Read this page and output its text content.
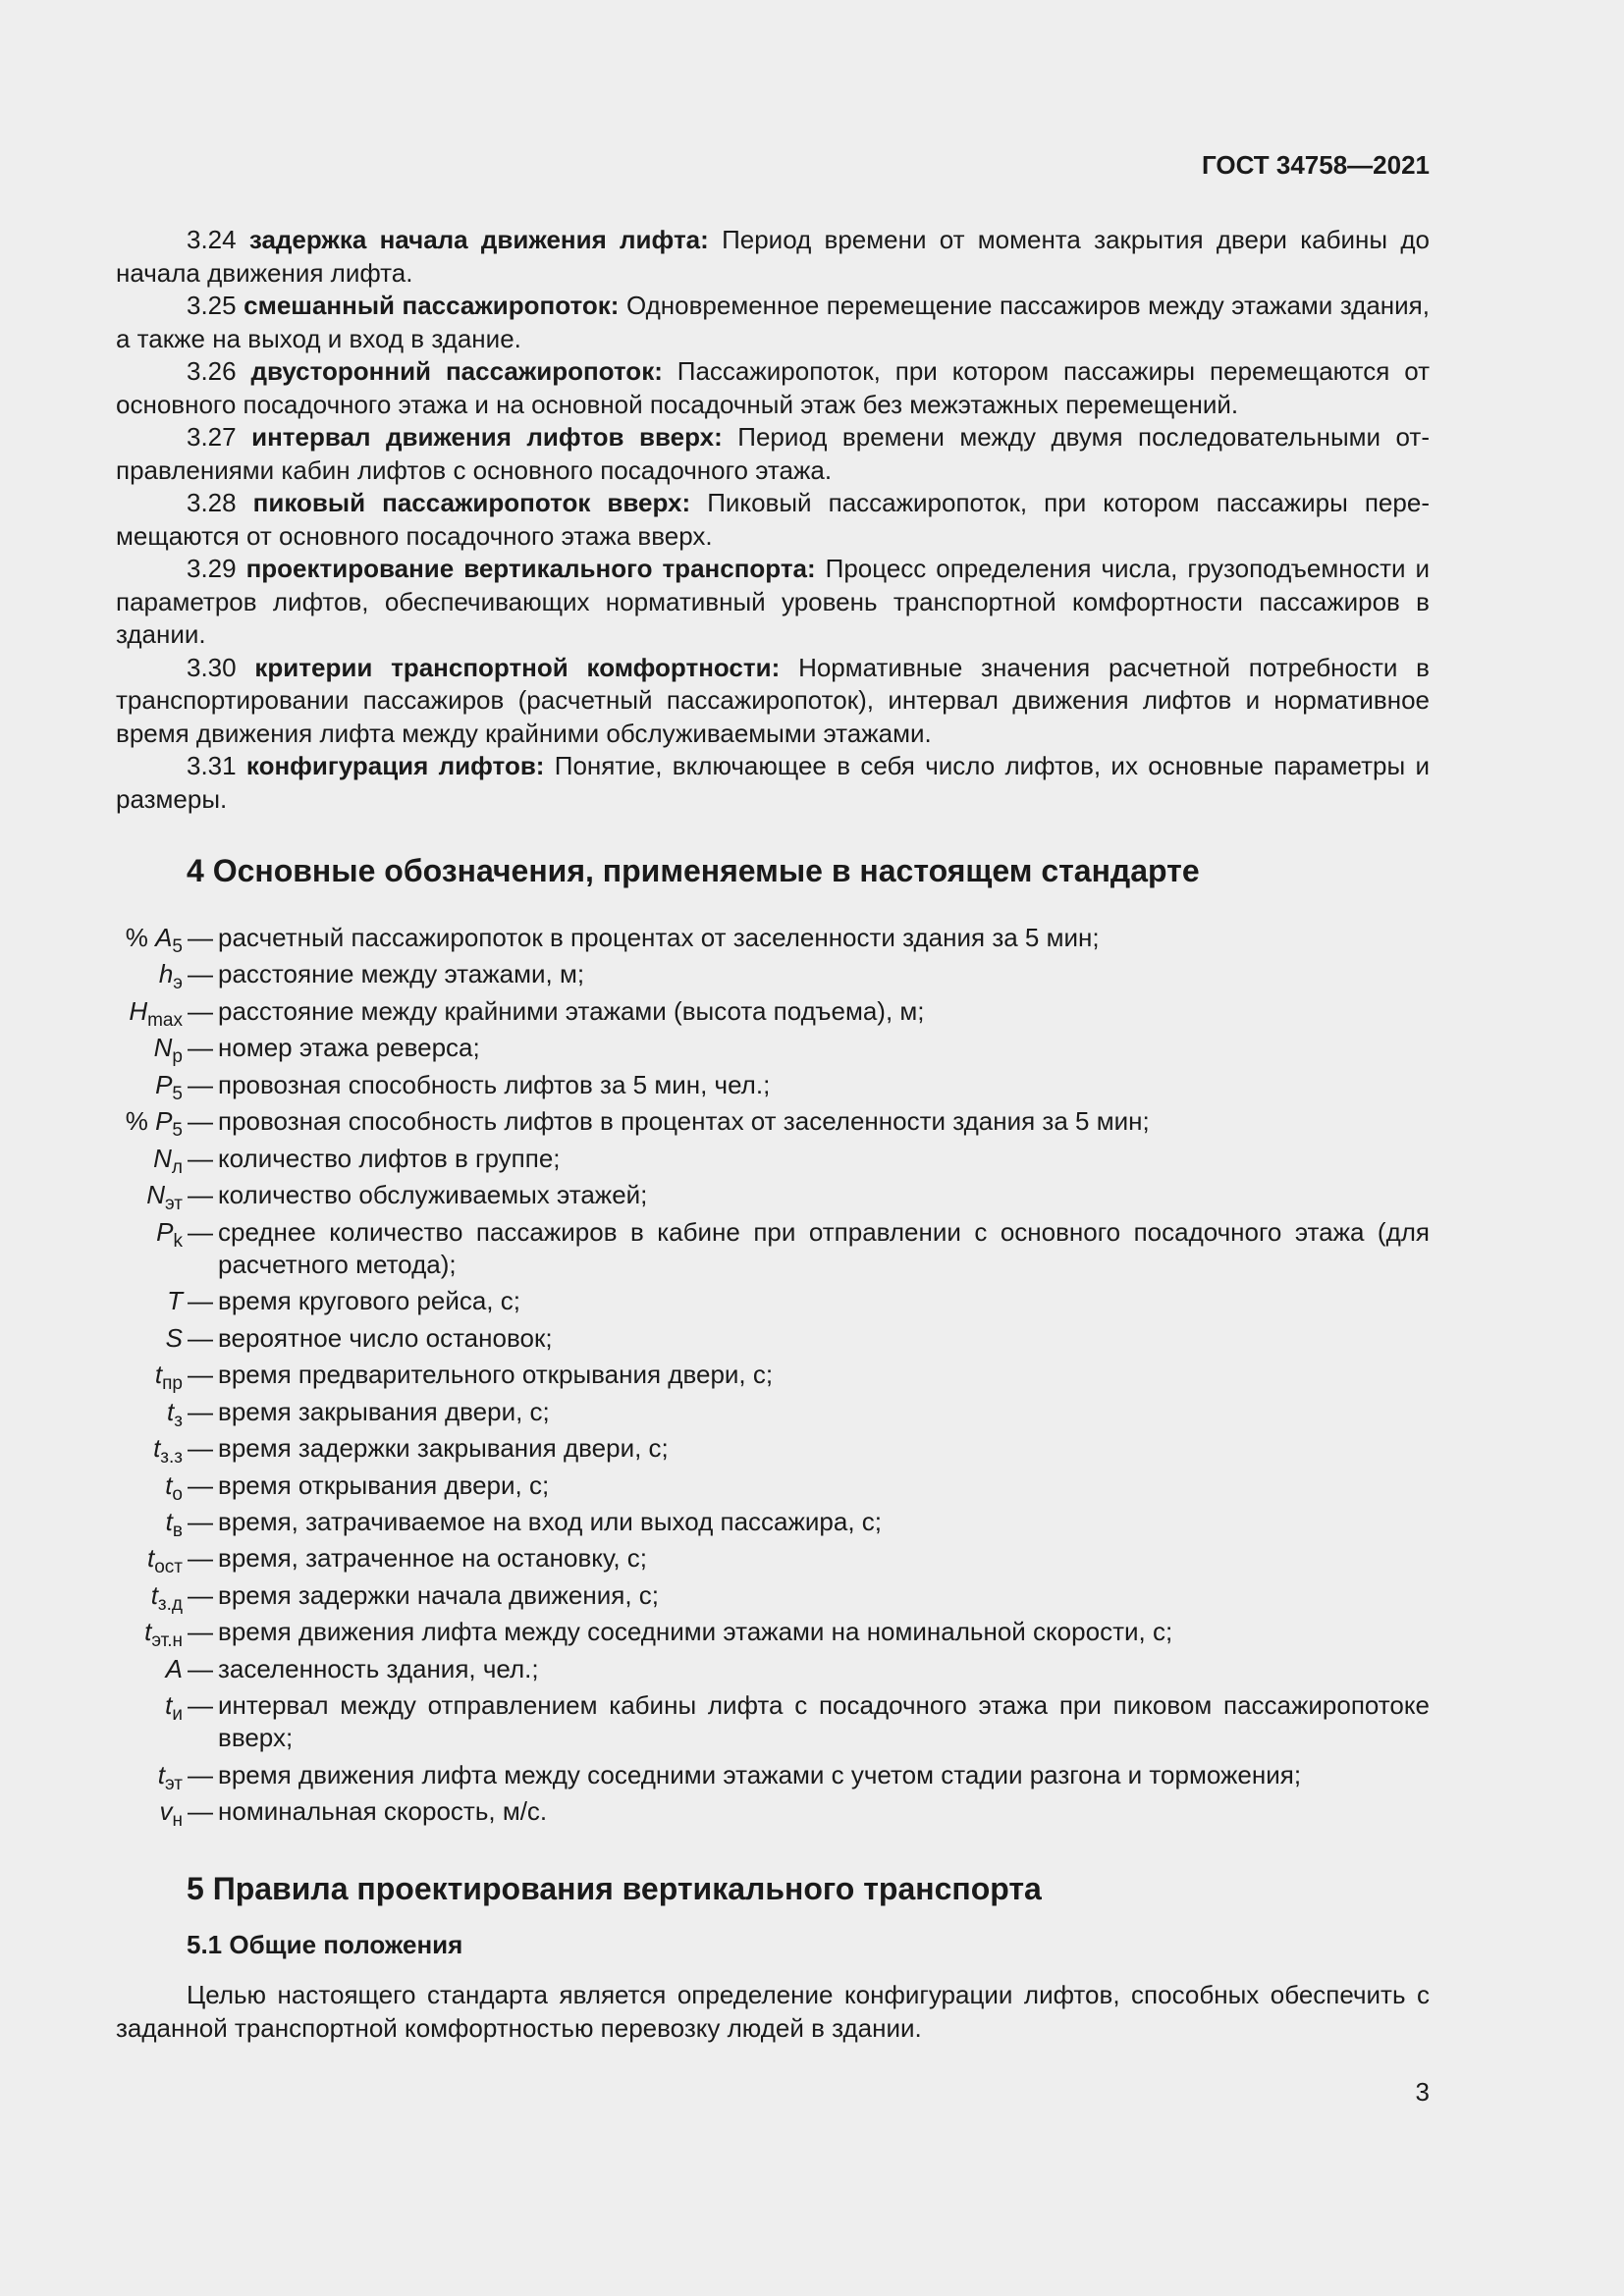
ГОСТ 34758—2021

3.24 задержка начала движения лифта: Период времени от момента закрытия двери кабины до начала движения лифта.

3.25 смешанный пассажиропоток: Одновременное перемещение пассажиров между этажами здания, а также на выход и вход в здание.

3.26 двусторонний пассажиропоток: Пассажиропоток, при котором пассажиры перемещаются от основного посадочного этажа и на основной посадочный этаж без межэтажных перемещений.

3.27 интервал движения лифтов вверх: Период времени между двумя последовательными отправлениями кабин лифтов с основного посадочного этажа.

3.28 пиковый пассажиропоток вверх: Пиковый пассажиропоток, при котором пассажиры перемещаются от основного посадочного этажа вверх.

3.29 проектирование вертикального транспорта: Процесс определения числа, грузоподъемности и параметров лифтов, обеспечивающих нормативный уровень транспортной комфортности пассажиров в здании.

3.30 критерии транспортной комфортности: Нормативные значения расчетной потребности в транспортировании пассажиров (расчетный пассажиропоток), интервал движения лифтов и нормативное время движения лифта между крайними обслуживаемыми этажами.

3.31 конфигурация лифтов: Понятие, включающее в себя число лифтов, их основные параметры и размеры.

4 Основные обозначения, применяемые в настоящем стандарте
% $A_5$ — расчетный пассажиропоток в процентах от заселенности здания за 5 мин;
$h_э$ — расстояние между этажами, м;
$H_{max}$ — расстояние между крайними этажами (высота подъема), м;
$N_р$ — номер этажа реверса;
$P_5$ — провозная способность лифтов за 5 мин, чел.;
% $P_5$ — провозная способность лифтов в процентах от заселенности здания за 5 мин;
$N_л$ — количество лифтов в группе;
$N_{эт}$ — количество обслуживаемых этажей;
$P_k$ — среднее количество пассажиров в кабине при отправлении с основного посадочного этажа (для расчетного метода);
T — время кругового рейса, с;
S — вероятное число остановок;
$t_{пр}$ — время предварительного открывания двери, с;
$t_з$ — время закрывания двери, с;
$t_{з.з}$ — время задержки закрывания двери, с;
$t_о$ — время открывания двери, с;
$t_в$ — время, затрачиваемое на вход или выход пассажира, с;
$t_{ост}$ — время, затраченное на остановку, с;
$t_{з.д}$ — время задержки начала движения, с;
$t_{эт.н}$ — время движения лифта между соседними этажами на номинальной скорости, с;
A — заселенность здания, чел.;
$t_и$ — интервал между отправлением кабины лифта с посадочного этажа при пиковом пассажиропотоке вверх;
$t_{эт}$ — время движения лифта между соседними этажами с учетом стадии разгона и торможения;
$v_н$ — номинальная скорость, м/с.
5 Правила проектирования вертикального транспорта
5.1 Общие положения

Целью настоящего стандарта является определение конфигурации лифтов, способных обеспечить с заданной транспортной комфортностью перевозку людей в здании.

3
